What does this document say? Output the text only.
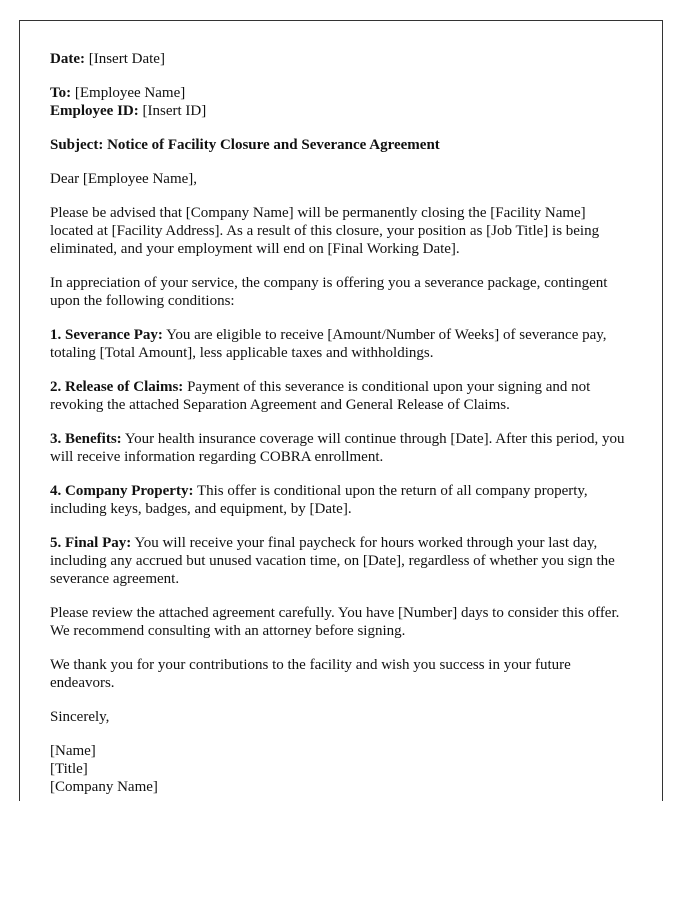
Date: [Insert Date]

To: [Employee Name]
Employee ID: [Insert ID]

Subject: Notice of Facility Closure and Severance Agreement

Dear [Employee Name],

Please be advised that [Company Name] will be permanently closing the [Facility Name] located at [Facility Address]. As a result of this closure, your position as [Job Title] is being eliminated, and your employment will end on [Final Working Date].

In appreciation of your service, the company is offering you a severance package, contingent upon the following conditions:

1. Severance Pay: You are eligible to receive [Amount/Number of Weeks] of severance pay, totaling [Total Amount], less applicable taxes and withholdings.

2. Release of Claims: Payment of this severance is conditional upon your signing and not revoking the attached Separation Agreement and General Release of Claims.

3. Benefits: Your health insurance coverage will continue through [Date]. After this period, you will receive information regarding COBRA enrollment.

4. Company Property: This offer is conditional upon the return of all company property, including keys, badges, and equipment, by [Date].

5. Final Pay: You will receive your final paycheck for hours worked through your last day, including any accrued but unused vacation time, on [Date], regardless of whether you sign the severance agreement.

Please review the attached agreement carefully. You have [Number] days to consider this offer. We recommend consulting with an attorney before signing.

We thank you for your contributions to the facility and wish you success in your future endeavors.

Sincerely,

[Name]
[Title]
[Company Name]
